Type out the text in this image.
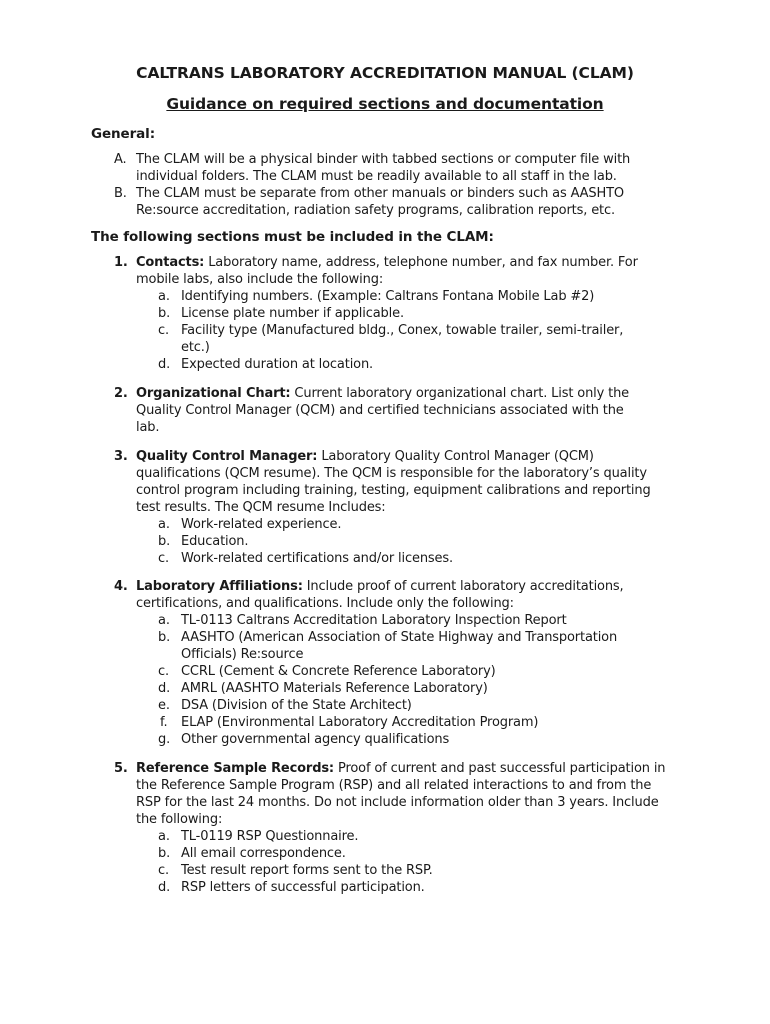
CALTRANS LABORATORY ACCREDITATION MANUAL (CLAM)
Guidance on required sections and documentation
General:
A. The CLAM will be a physical binder with tabbed sections or computer file with
individual folders. The CLAM must be readily available to all staff in the lab.
B. The CLAM must be separate from other manuals or binders such as AASHTO
Re:source accreditation, radiation safety programs, calibration reports, etc.
The following sections must be included in the CLAM:
1. Contacts: Laboratory name, address, telephone number, and fax number. For
mobile labs, also include the following:
a. Identifying numbers. (Example: Caltrans Fontana Mobile Lab #2)
b. License plate number if applicable.
c. Facility type (Manufactured bldg., Conex, towable trailer, semi-trailer,
etc.)
d. Expected duration at location.
2. Organizational Chart: Current laboratory organizational chart. List only the
Quality Control Manager (QCM) and certified technicians associated with the
lab.
3. Quality Control Manager: Laboratory Quality Control Manager (QCM)
qualifications (QCM resume). The QCM is responsible for the laboratory’s quality
control program including training, testing, equipment calibrations and reporting
test results. The QCM resume Includes:
a. Work-related experience.
b. Education.
c. Work-related certifications and/or licenses.
4. Laboratory Affiliations: Include proof of current laboratory accreditations,
certifications, and qualifications. Include only the following:
a. TL-0113 Caltrans Accreditation Laboratory Inspection Report
b. AASHTO (American Association of State Highway and Transportation
Officials) Re:source
c. CCRL (Cement & Concrete Reference Laboratory)
d. AMRL (AASHTO Materials Reference Laboratory)
e. DSA (Division of the State Architect)
f. ELAP (Environmental Laboratory Accreditation Program)
g. Other governmental agency qualifications
5. Reference Sample Records: Proof of current and past successful participation in
the Reference Sample Program (RSP) and all related interactions to and from the
RSP for the last 24 months. Do not include information older than 3 years. Include
the following:
a. TL-0119 RSP Questionnaire.
b. All email correspondence.
c. Test result report forms sent to the RSP.
d. RSP letters of successful participation.
